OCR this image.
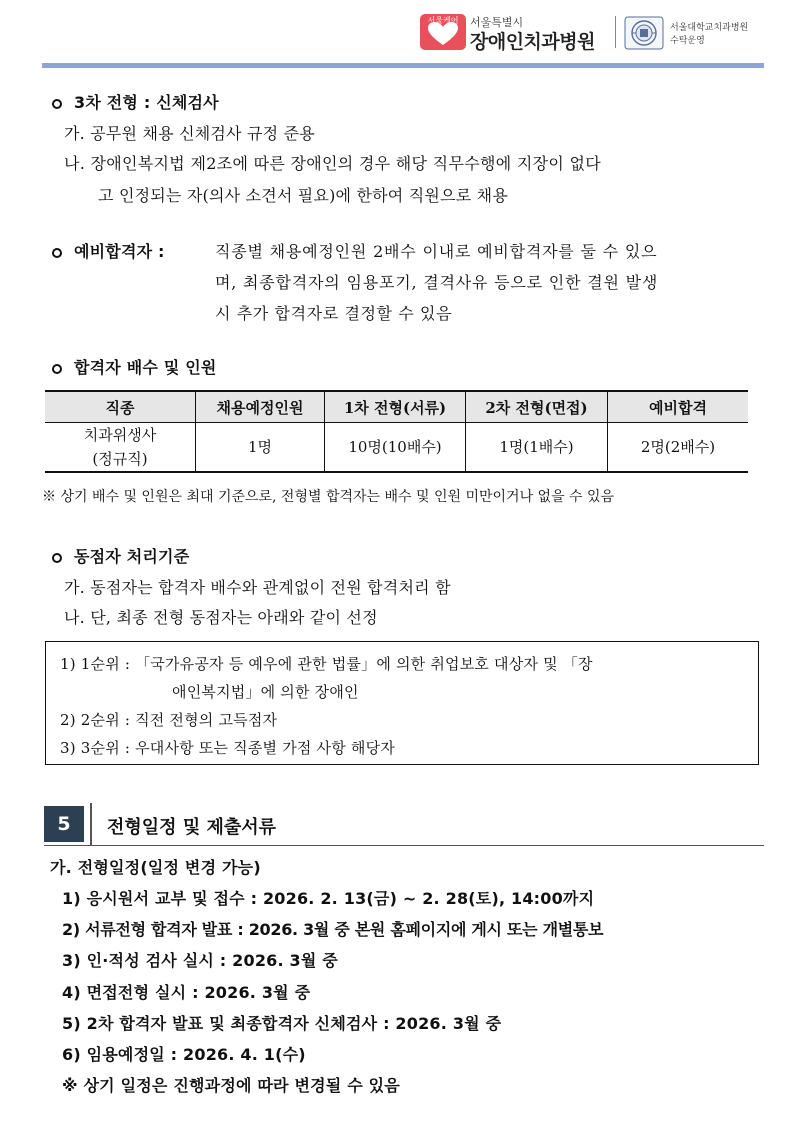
서울케어	서울특별시
장애인치과병원
서울대학교치과병원
수탁운영
3차 전형 : 신체검사
가. 공무원 채용 신체검사 규정 준용
나. 장애인복지법 제2조에 따른 장애인의 경우 해당 직무수행에 지장이 없다
고 인정되는 자(의사 소견서 필요)에 한하여 직원으로 채용
예비합격자 :	직종별 채용예정인원 2배수 이내로 예비합격자를 둘 수 있으
며, 최종합격자의 임용포기, 결격사유 등으로 인한 결원 발생
시 추가 합격자로 결정할 수 있음
합격자 배수 및 인원
직종	채용예정인원	1차 전형(서류)	2차 전형(면접)	예비합격

치과위생사
(정규직)	1명	10명(10배수)	1명(1배수)	2명(2배수)
※ 상기 배수 및 인원은 최대 기준으로, 전형별 합격자는 배수 및 인원 미만이거나 없을 수 있음
동점자 처리기준
가. 동점자는 합격자 배수와 관계없이 전원 합격처리 함
나. 단, 최종 전형 동점자는 아래와 같이 선정
1) 1순위 : 「국가유공자 등 예우에 관한 법률」에 의한 취업보호 대상자 및 「장
애인복지법」에 의한 장애인
2) 2순위 : 직전 전형의 고득점자
3) 3순위 : 우대사항 또는 직종별 가점 사항 해당자
5	전형일정 및 제출서류
가. 전형일정(일정 변경 가능)
1) 응시원서 교부 및 접수 : 2026. 2. 13(금) ~ 2. 28(토), 14:00까지
2) 서류전형 합격자 발표 : 2026. 3월 중 본원 홈페이지에 게시 또는 개별통보
3) 인·적성 검사 실시 : 2026. 3월 중
4) 면접전형 실시 : 2026. 3월 중
5) 2차 합격자 발표 및 최종합격자 신체검사 : 2026. 3월 중
6) 임용예정일 : 2026. 4. 1(수)
※ 상기 일정은 진행과정에 따라 변경될 수 있음
